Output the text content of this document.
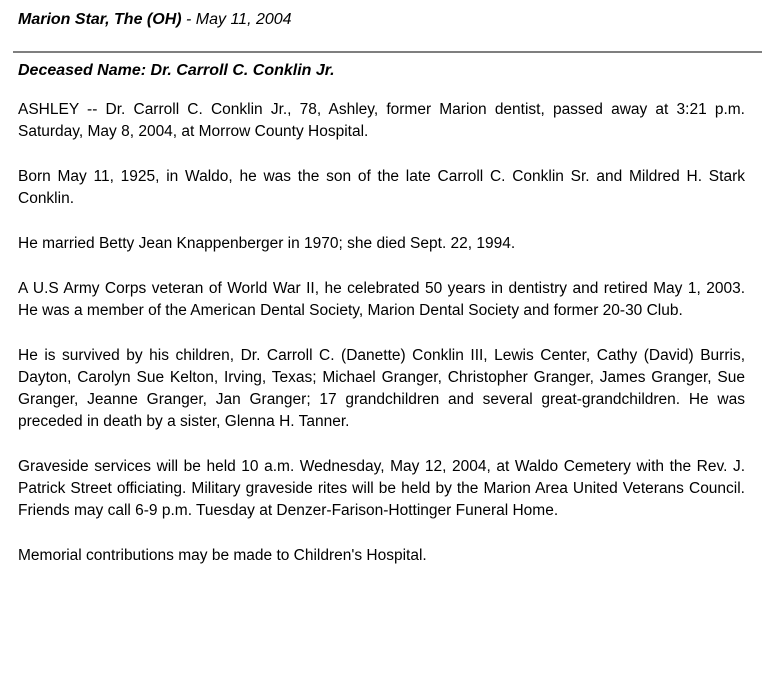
Marion Star, The (OH) - May 11, 2004
Deceased Name: Dr. Carroll C. Conklin Jr.

ASHLEY -- Dr. Carroll C. Conklin Jr., 78, Ashley, former Marion dentist, passed away at 3:21 p.m. Saturday, May 8, 2004, at Morrow County Hospital.

Born May 11, 1925, in Waldo, he was the son of the late Carroll C. Conklin Sr. and Mildred H. Stark Conklin.

He married Betty Jean Knappenberger in 1970; she died Sept. 22, 1994.

A U.S Army Corps veteran of World War II, he celebrated 50 years in dentistry and retired May 1, 2003. He was a member of the American Dental Society, Marion Dental Society and former 20-30 Club.

He is survived by his children, Dr. Carroll C. (Danette) Conklin III, Lewis Center, Cathy (David) Burris, Dayton, Carolyn Sue Kelton, Irving, Texas; Michael Granger, Christopher Granger, James Granger, Sue Granger, Jeanne Granger, Jan Granger; 17 grandchildren and several great-grandchildren. He was preceded in death by a sister, Glenna H. Tanner.

Graveside services will be held 10 a.m. Wednesday, May 12, 2004, at Waldo Cemetery with the Rev. J. Patrick Street officiating. Military graveside rites will be held by the Marion Area United Veterans Council. Friends may call 6-9 p.m. Tuesday at Denzer-Farison-Hottinger Funeral Home.

Memorial contributions may be made to Children's Hospital.
